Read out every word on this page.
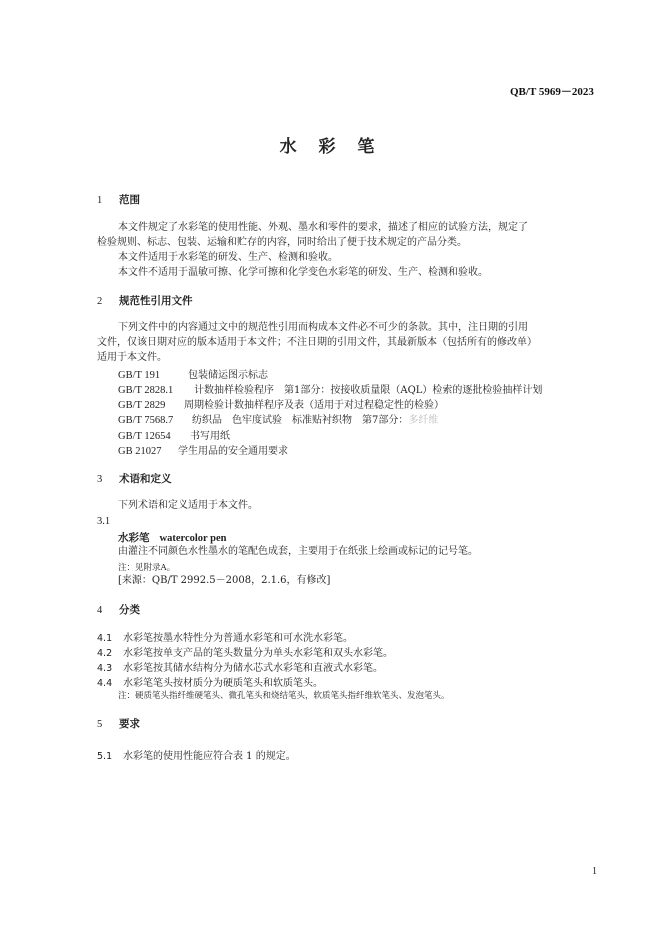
QB/T 5969－2023
水 彩 笔
1 范围
本文件规定了水彩笔的使用性能、外观、墨水和零件的要求，描述了相应的试验方法，规定了
检验规则、标志、包装、运输和贮存的内容，同时给出了便于技术规定的产品分类。
本文件适用于水彩笔的研发、生产、检测和验收。
本文件不适用于温敏可擦、化学可擦和化学变色水彩笔的研发、生产、检测和验收。
2 规范性引用文件
下列文件中的内容通过文中的规范性引用而构成本文件必不可少的条款。其中，注日期的引用
文件，仅该日期对应的版本适用于本文件；不注日期的引用文件，其最新版本（包括所有的修改单）
适用于本文件。
GB/T 191	包装储运图示标志
GB/T 2828.1 计数抽样检验程序　第1部分：按接收质量限（AQL）检索的逐批检验抽样计划
GB/T 2829 周期检验计数抽样程序及表（适用于对过程稳定性的检验）
GB/T 7568.7 纺织品　色牢度试验　标准贴衬织物　第7部分：多纤维
GB/T 12654 书写用纸
GB 21027 学生用品的安全通用要求
3 术语和定义
下列术语和定义适用于本文件。
3.1
水彩笔 watercolor pen
由灌注不同颜色水性墨水的笔配色成套，主要用于在纸张上绘画或标记的记号笔。
注：见附录A。
[来源：QB/T 2992.5－2008，2.1.6，有修改]
4 分类
4.1 水彩笔按墨水特性分为普通水彩笔和可水洗水彩笔。
4.2 水彩笔按单支产品的笔头数量分为单头水彩笔和双头水彩笔。
4.3 水彩笔按其储水结构分为储水芯式水彩笔和直液式水彩笔。
4.4 水彩笔笔头按材质分为硬质笔头和软质笔头。
注：硬质笔头指纤维硬笔头、微孔笔头和烧结笔头，软质笔头指纤维软笔头、发泡笔头。
5 要求
5.1 水彩笔的使用性能应符合表 1 的规定。
1
